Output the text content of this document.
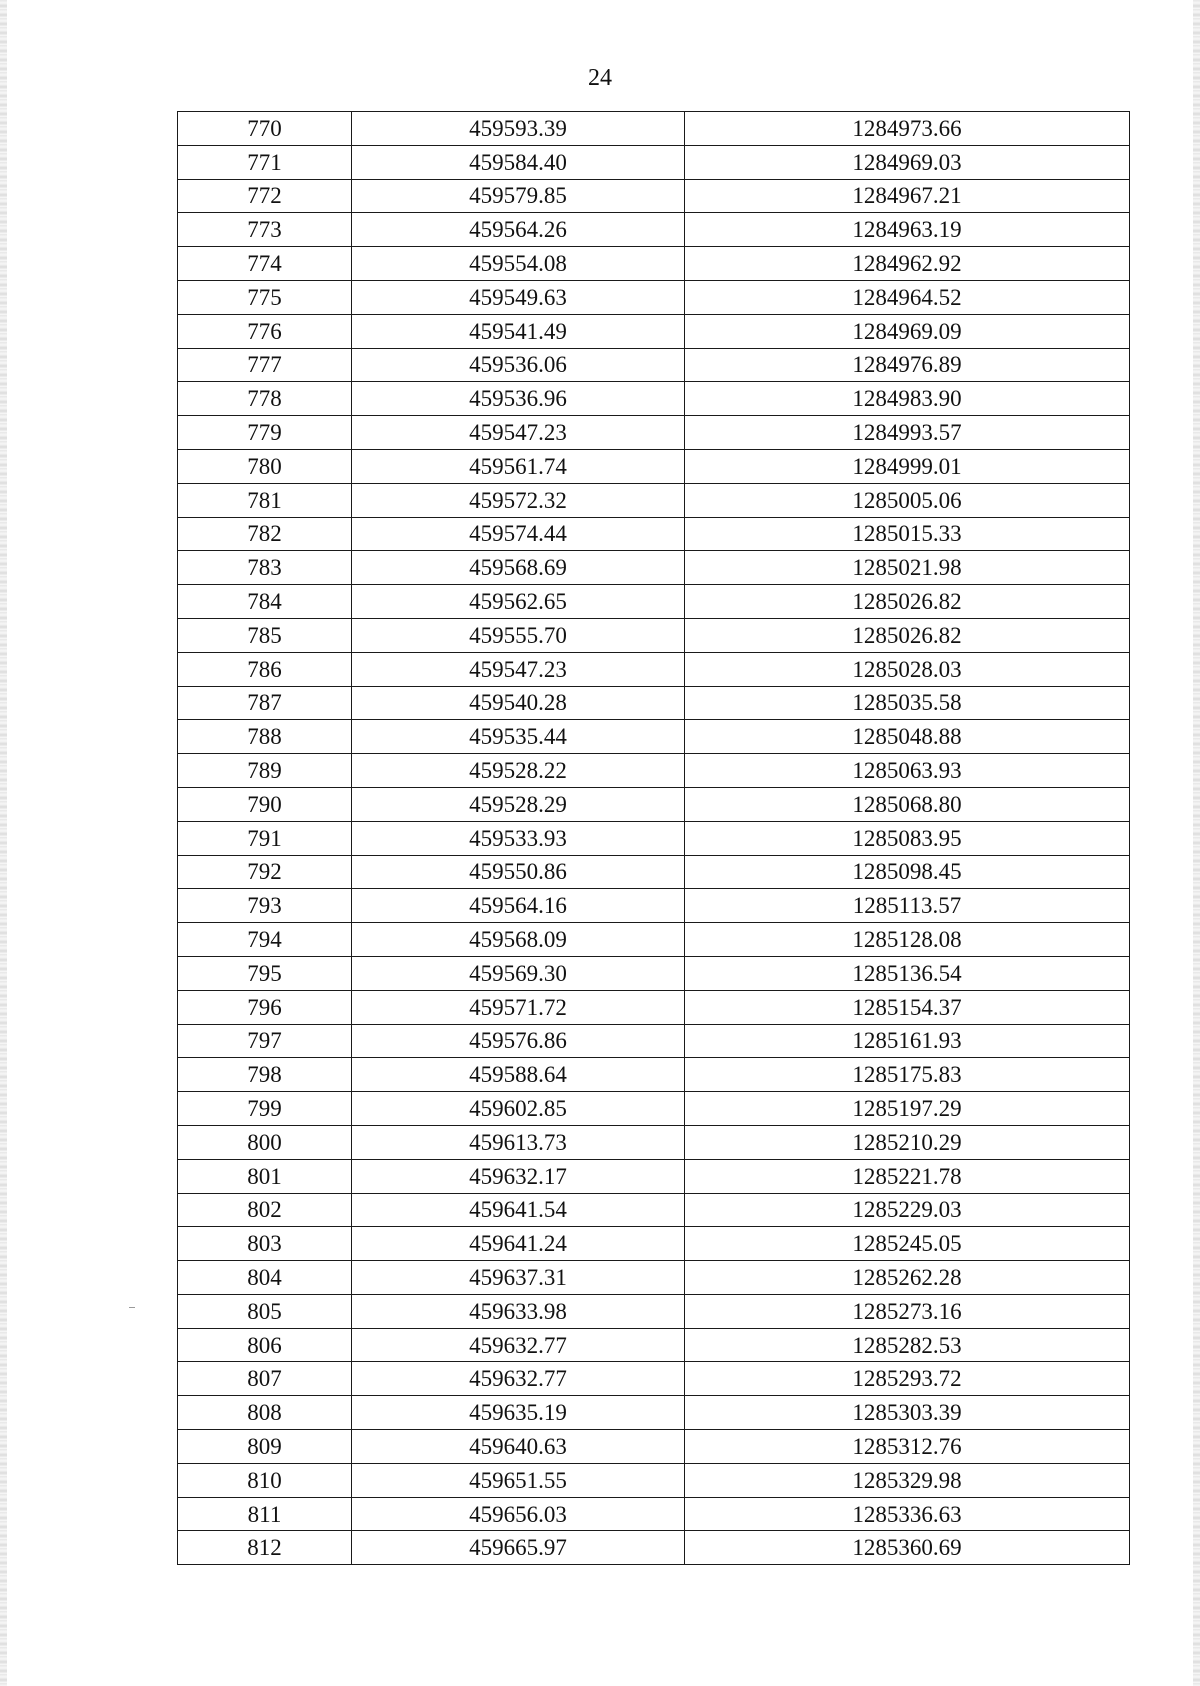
24
770	459593.39	1284973.66
771	459584.40	1284969.03
772	459579.85	1284967.21
773	459564.26	1284963.19
774	459554.08	1284962.92
775	459549.63	1284964.52
776	459541.49	1284969.09
777	459536.06	1284976.89
778	459536.96	1284983.90
779	459547.23	1284993.57
780	459561.74	1284999.01
781	459572.32	1285005.06
782	459574.44	1285015.33
783	459568.69	1285021.98
784	459562.65	1285026.82
785	459555.70	1285026.82
786	459547.23	1285028.03
787	459540.28	1285035.58
788	459535.44	1285048.88
789	459528.22	1285063.93
790	459528.29	1285068.80
791	459533.93	1285083.95
792	459550.86	1285098.45
793	459564.16	1285113.57
794	459568.09	1285128.08
795	459569.30	1285136.54
796	459571.72	1285154.37
797	459576.86	1285161.93
798	459588.64	1285175.83
799	459602.85	1285197.29
800	459613.73	1285210.29
801	459632.17	1285221.78
802	459641.54	1285229.03
803	459641.24	1285245.05
804	459637.31	1285262.28
805	459633.98	1285273.16
806	459632.77	1285282.53
807	459632.77	1285293.72
808	459635.19	1285303.39
809	459640.63	1285312.76
810	459651.55	1285329.98
811	459656.03	1285336.63
812	459665.97	1285360.69
